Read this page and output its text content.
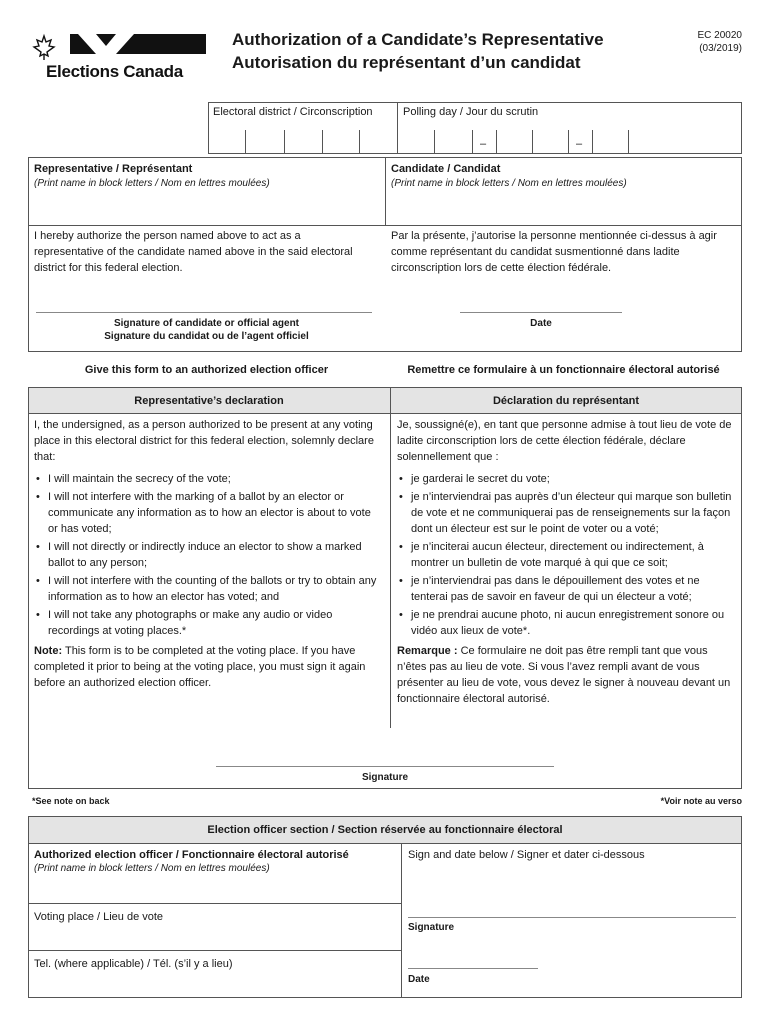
Elections Canada
Authorization of a Candidate’s Representative
Autorisation du représentant d’un candidat
EC 20020
(03/2019)
Electoral district / Circonscription	Polling day / Jour du scrutin
–	–
Representative / Représentant
(Print name in block letters / Nom en lettres moulées)
Candidate / Candidat
(Print name in block letters / Nom en lettres moulées)
I hereby authorize the person named above to act as a representative of the candidate named above in the said electoral district for this federal election.
Par la présente, j’autorise la personne mentionnée ci-dessus à agir comme représentant du candidat susmentionné dans ladite circonscription lors de cette élection fédérale.
Signature of candidate or official agent
Signature du candidat ou de l’agent officiel
Date
Give this form to an authorized election officer	Remettre ce formulaire à un fonctionnaire électoral autorisé
Representative’s declaration	Déclaration du représentant

I, the undersigned, as a person authorized to be present at any voting place in this electoral district for this federal election, solemnly declare that:

• I will maintain the secrecy of the vote;
• I will not interfere with the marking of a ballot by an elector or communicate any information as to how an elector is about to vote or has voted;
• I will not directly or indirectly induce an elector to show a marked ballot to any person;
• I will not interfere with the counting of the ballots or try to obtain any information as to how an elector has voted; and
• I will not take any photographs or make any audio or video recordings at voting places.*

Note: This form is to be completed at the voting place. If you have completed it prior to being at the voting place, you must sign it again before an authorized election officer.

Je, soussigné(e), en tant que personne admise à tout lieu de vote de ladite circonscription lors de cette élection fédérale, déclare solennellement que :

• je garderai le secret du vote;
• je n’interviendrai pas auprès d’un électeur qui marque son bulletin de vote et ne communiquerai pas de renseignements sur la façon dont un électeur est sur le point de voter ou a voté;
• je n’inciterai aucun électeur, directement ou indirectement, à montrer un bulletin de vote marqué à qui que ce soit;
• je n’interviendrai pas dans le dépouillement des votes et ne tenterai pas de savoir en faveur de qui un électeur a voté;
• je ne prendrai aucune photo, ni aucun enregistrement sonore ou vidéo aux lieux de vote*.

Remarque : Ce formulaire ne doit pas être rempli tant que vous n’êtes pas au lieu de vote. Si vous l’avez rempli avant de vous présenter au lieu de vote, vous devez le signer à nouveau devant un fonctionnaire électoral autorisé.

Signature
*See note on back	*Voir note au verso
Election officer section / Section réservée au fonctionnaire électoral
Authorized election officer / Fonctionnaire électoral autorisé
(Print name in block letters / Nom en lettres moulées)
Voting place / Lieu de vote
Tel. (where applicable) / Tél. (s’il y a lieu)
Sign and date below / Signer et dater ci-dessous
Signature
Date
